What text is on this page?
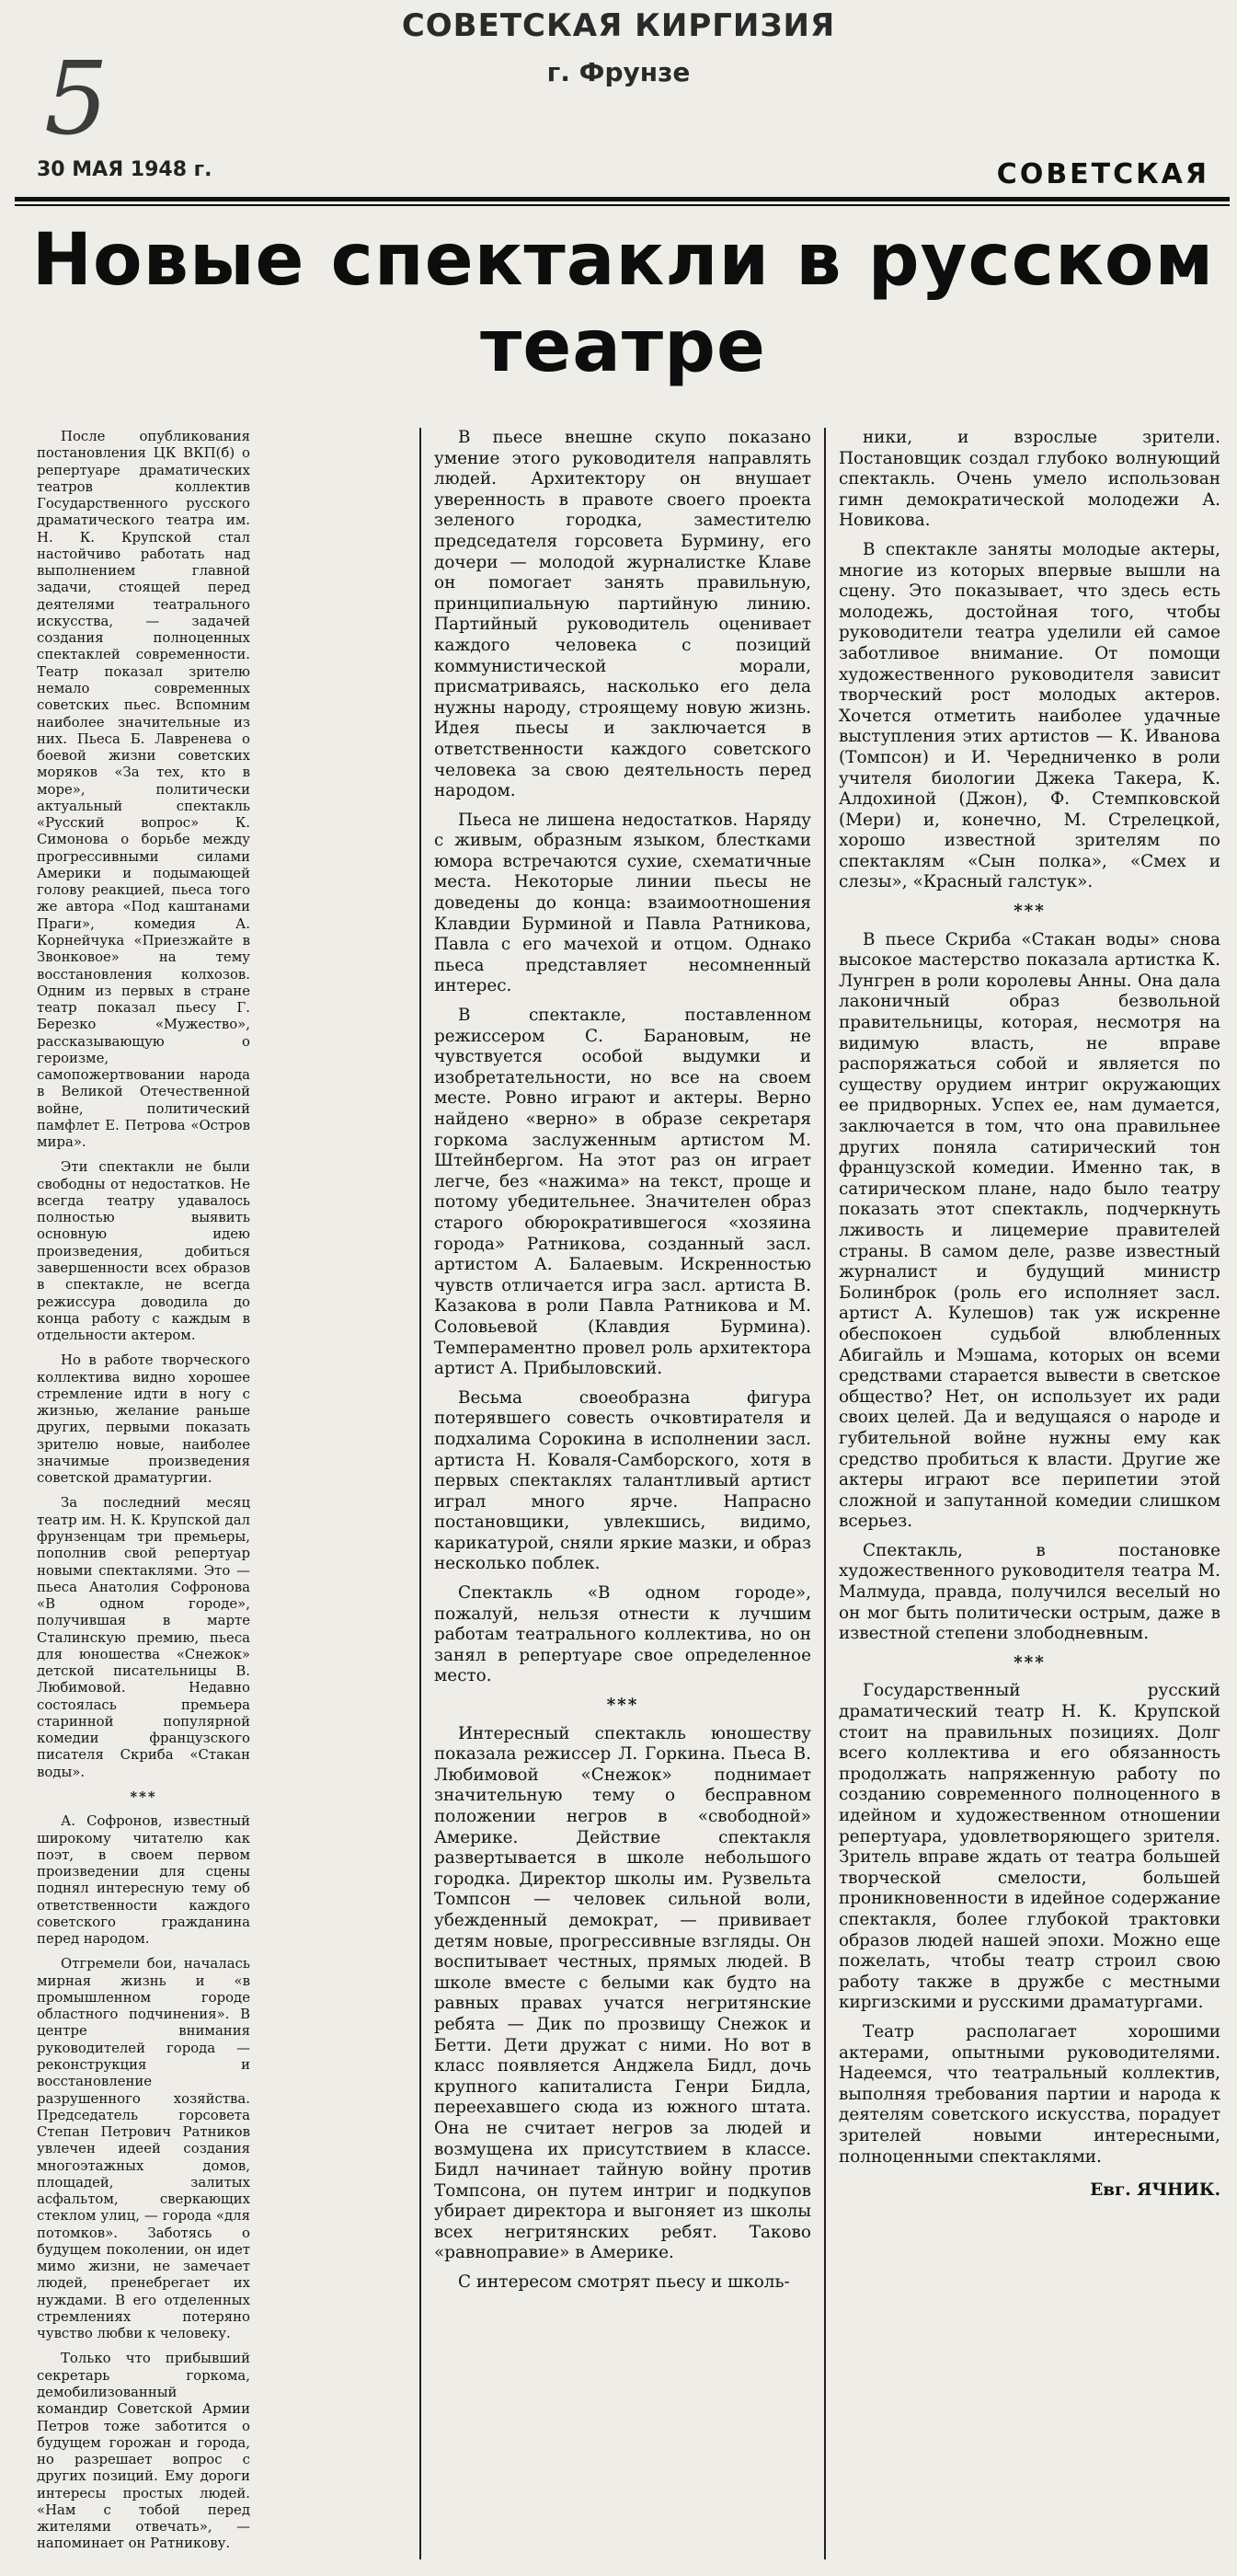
СОВЕТСКАЯ КИРГИЗИЯ
г. Фрунзе
5
30 МАЯ 1948 г.	СОВЕТСКАЯ
Новые спектакли в русском театре

После опубликования постановления ЦК ВКП(б) о репертуаре драматических театров коллектив Государственного русского драматического театра им. Н. К. Крупской стал настойчиво работать над выполнением главной задачи, стоящей перед деятелями театрального искусства, — задачей создания полноценных спектаклей современности. Театр показал зрителю немало современных советских пьес. Вспомним наиболее значительные из них. Пьеса Б. Лавренева о боевой жизни советских моряков «За тех, кто в море», политически актуальный спектакль «Русский вопрос» К. Симонова о борьбе между прогрессивными силами Америки и подымающей голову реакцией, пьеса того же автора «Под каштанами Праги», комедия А. Корнейчука «Приезжайте в Звонковое» на тему восстановления колхозов. Одним из первых в стране театр показал пьесу Г. Березко «Мужество», рассказывающую о героизме, самопожертвовании народа в Великой Отечественной войне, политический памфлет Е. Петрова «Остров мира».

Эти спектакли не были свободны от недостатков. Не всегда театру удавалось полностью выявить основную идею произведения, добиться завершенности всех образов в спектакле, не всегда режиссура доводила до конца работу с каждым в отдельности актером.

Но в работе творческого коллектива видно хорошее стремление идти в ногу с жизнью, желание раньше других, первыми показать зрителю новые, наиболее значимые произведения советской драматургии.

За последний месяц театр им. Н. К. Крупской дал фрунзенцам три премьеры, пополнив свой репертуар новыми спектаклями. Это — пьеса Анатолия Софронова «В одном городе», получившая в марте Сталинскую премию, пьеса для юношества «Снежок» детской писательницы В. Любимовой. Недавно состоялась премьера старинной популярной комедии французского писателя Скриба «Стакан воды».

***

А. Софронов, известный широкому читателю как поэт, в своем первом произведении для сцены поднял интересную тему об ответственности каждого советского гражданина перед народом.

Отгремели бои, началась мирная жизнь и «в промышленном городе областного подчинения». В центре внимания руководителей города — реконструкция и восстановление разрушенного хозяйства. Председатель горсовета Степан Петрович Ратников увлечен идеей создания многоэтажных домов, площадей, залитых асфальтом, сверкающих стеклом улиц, — города «для потомков». Заботясь о будущем поколении, он идет мимо жизни, не замечает людей, пренебрегает их нуждами. В его отделенных стремлениях потеряно чувство любви к человеку.

Только что прибывший секретарь горкома, демобилизованный командир Советской Армии Петров тоже заботится о будущем горожан и города, но разрешает вопрос с других позиций. Ему дороги интересы простых людей. «Нам с тобой перед жителями отвечать», — напоминает он Ратникову.

В пьесе внешне скупо показано умение этого руководителя направлять людей. Архитектору он внушает уверенность в правоте своего проекта зеленого городка, заместителю председателя горсовета Бурмину, его дочери — молодой журналистке Клаве он помогает занять правильную, принципиальную партийную линию. Партийный руководитель оценивает каждого человека с позиций коммунистической морали, присматриваясь, насколько его дела нужны народу, строящему новую жизнь. Идея пьесы и заключается в ответственности каждого советского человека за свою деятельность перед народом.

Пьеса не лишена недостатков. Наряду с живым, образным языком, блестками юмора встречаются сухие, схематичные места. Некоторые линии пьесы не доведены до конца: взаимоотношения Клавдии Бурминой и Павла Ратникова, Павла с его мачехой и отцом. Однако пьеса представляет несомненный интерес.

В спектакле, поставленном режиссером С. Барановым, не чувствуется особой выдумки и изобретательности, но все на своем месте. Ровно играют и актеры. Верно найдено «верно» в образе секретаря горкома заслуженным артистом М. Штейнбергом. На этот раз он играет легче, без «нажима» на текст, проще и потому убедительнее. Значителен образ старого обюрократившегося «хозяина города» Ратникова, созданный засл. артистом А. Балаевым. Искренностью чувств отличается игра засл. артиста В. Казакова в роли Павла Ратникова и М. Соловьевой (Клавдия Бурмина). Темпераментно провел роль архитектора артист А. Прибыловский.

Весьма своеобразна фигура потерявшего совесть очковтирателя и подхалима Сорокина в исполнении засл. артиста Н. Коваля-Самборского, хотя в первых спектаклях талантливый артист играл много ярче. Напрасно постановщики, увлекшись, видимо, карикатурой, сняли яркие мазки, и образ несколько поблек.

Спектакль «В одном городе», пожалуй, нельзя отнести к лучшим работам театрального коллектива, но он занял в репертуаре свое определенное место.

***

Интересный спектакль юношеству показала режиссер Л. Горкина. Пьеса В. Любимовой «Снежок» поднимает значительную тему о бесправном положении негров в «свободной» Америке. Действие спектакля развертывается в школе небольшого городка. Директор школы им. Рузвельта Томпсон — человек сильной воли, убежденный демократ, — прививает детям новые, прогрессивные взгляды. Он воспитывает честных, прямых людей. В школе вместе с белыми как будто на равных правах учатся негритянские ребята — Дик по прозвищу Снежок и Бетти. Дети дружат с ними. Но вот в класс появляется Анджела Бидл, дочь крупного капиталиста Генри Бидла, переехавшего сюда из южного штата. Она не считает негров за людей и возмущена их присутствием в классе. Бидл начинает тайную войну против Томпсона, он путем интриг и подкупов убирает директора и выгоняет из школы всех негритянских ребят. Таково «равноправие» в Америке.

С интересом смотрят пьесу и школь-

ники, и взрослые зрители. Постановщик создал глубоко волнующий спектакль. Очень умело использован гимн демократической молодежи А. Новикова.

В спектакле заняты молодые актеры, многие из которых впервые вышли на сцену. Это показывает, что здесь есть молодежь, достойная того, чтобы руководители театра уделили ей самое заботливое внимание. От помощи художественного руководителя зависит творческий рост молодых актеров. Хочется отметить наиболее удачные выступления этих артистов — К. Иванова (Томпсон) и И. Чередниченко в роли учителя биологии Джека Такера, К. Алдохиной (Джон), Ф. Стемпковской (Мери) и, конечно, М. Стрелецкой, хорошо известной зрителям по спектаклям «Сын полка», «Смех и слезы», «Красный галстук».

***

В пьесе Скриба «Стакан воды» снова высокое мастерство показала артистка К. Лунгрен в роли королевы Анны. Она дала лаконичный образ безвольной правительницы, которая, несмотря на видимую власть, не вправе распоряжаться собой и является по существу орудием интриг окружающих ее придворных. Успех ее, нам думается, заключается в том, что она правильнее других поняла сатирический тон французской комедии. Именно так, в сатирическом плане, надо было театру показать этот спектакль, подчеркнуть лживость и лицемерие правителей страны. В самом деле, разве известный журналист и будущий министр Болинброк (роль его исполняет засл. артист А. Кулешов) так уж искренне обеспокоен судьбой влюбленных Абигайль и Мэшама, которых он всеми средствами старается вывести в светское общество? Нет, он использует их ради своих целей. Да и ведущаяся о народе и губительной войне нужны ему как средство пробиться к власти. Другие же актеры играют все перипетии этой сложной и запутанной комедии слишком всерьез.

Спектакль, в постановке художественного руководителя театра М. Малмуда, правда, получился веселый но он мог быть политически острым, даже в известной степени злободневным.

***

Государственный русский драматический театр Н. К. Крупской стоит на правильных позициях. Долг всего коллектива и его обязанность продолжать напряженную работу по созданию современного полноценного в идейном и художественном отношении репертуара, удовлетворяющего зрителя. Зритель вправе ждать от театра большей творческой смелости, большей проникновенности в идейное содержание спектакля, более глубокой трактовки образов людей нашей эпохи. Можно еще пожелать, чтобы театр строил свою работу также в дружбе с местными киргизскими и русскими драматургами.

Театр располагает хорошими актерами, опытными руководителями. Надеемся, что театральный коллектив, выполняя требования партии и народа к деятелям советского искусства, порадует зрителей новыми интересными, полноценными спектаклями.

Евг. ЯЧНИК.
